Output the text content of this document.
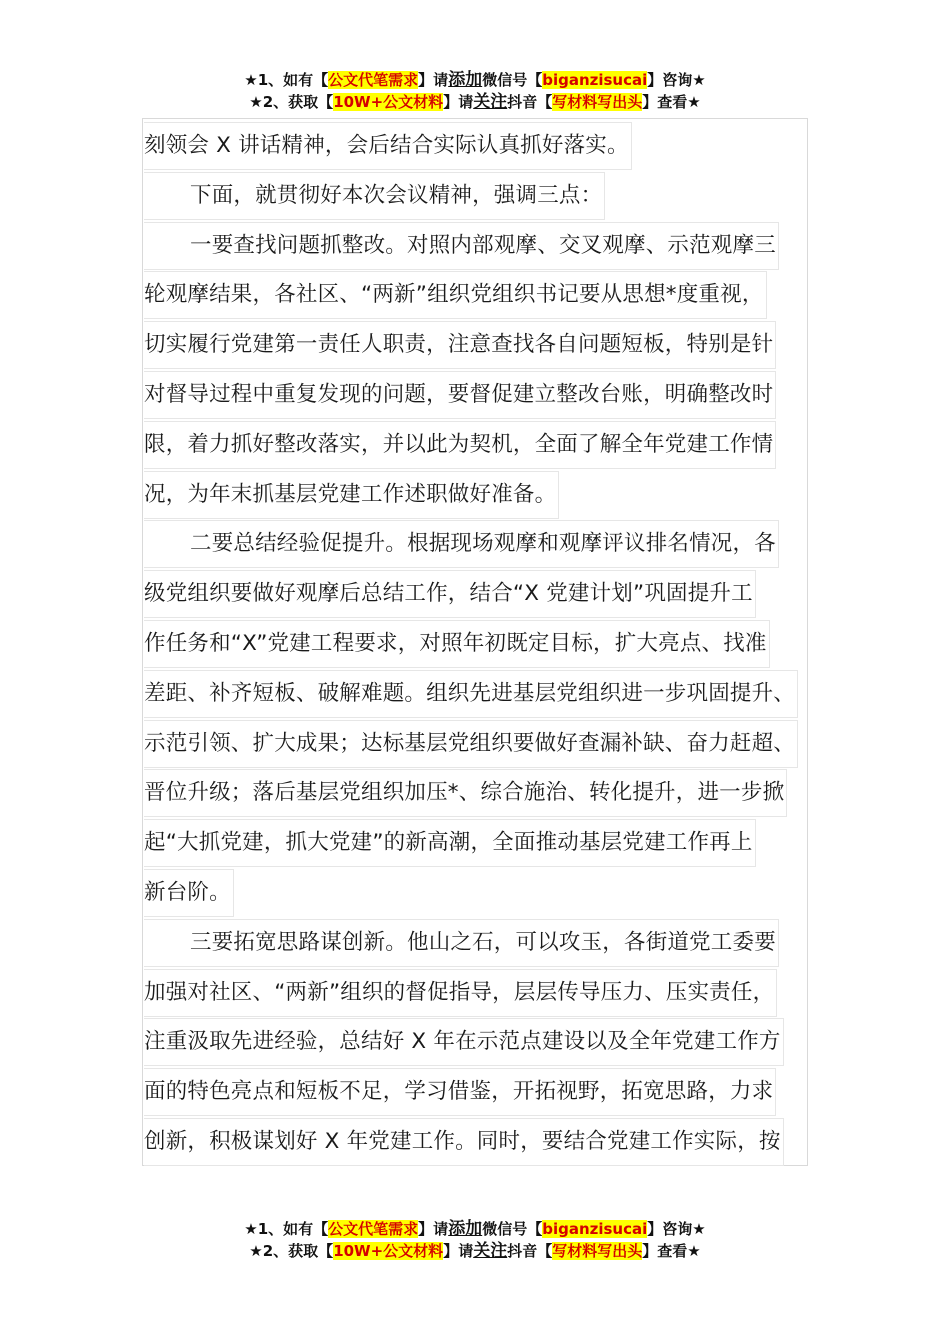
★1、如有【公文代笔需求】请添加微信号【biganzisucai】咨询★
★2、获取【10W+公文材料】请关注抖音【写材料写出头】查看★
刻领会 X 讲话精神，会后结合实际认真抓好落实。
下面，就贯彻好本次会议精神，强调三点：
一要查找问题抓整改。对照内部观摩、交叉观摩、示范观摩三
轮观摩结果，各社区、“两新”组织党组织书记要从思想*度重视，
切实履行党建第一责任人职责，注意查找各自问题短板，特别是针
对督导过程中重复发现的问题，要督促建立整改台账，明确整改时
限，着力抓好整改落实，并以此为契机，全面了解全年党建工作情
况，为年末抓基层党建工作述职做好准备。
二要总结经验促提升。根据现场观摩和观摩评议排名情况，各
级党组织要做好观摩后总结工作，结合“X 党建计划”巩固提升工
作任务和“X”党建工程要求，对照年初既定目标，扩大亮点、找准
差距、补齐短板、破解难题。组织先进基层党组织进一步巩固提升、
示范引领、扩大成果；达标基层党组织要做好查漏补缺、奋力赶超、
晋位升级；落后基层党组织加压*、综合施治、转化提升，进一步掀
起“大抓党建，抓大党建”的新高潮，全面推动基层党建工作再上
新台阶。
三要拓宽思路谋创新。他山之石，可以攻玉，各街道党工委要
加强对社区、“两新”组织的督促指导，层层传导压力、压实责任，
注重汲取先进经验，总结好 X 年在示范点建设以及全年党建工作方
面的特色亮点和短板不足，学习借鉴，开拓视野，拓宽思路，力求
创新，积极谋划好 X 年党建工作。同时，要结合党建工作实际，按
★1、如有【公文代笔需求】请添加微信号【biganzisucai】咨询★
★2、获取【10W+公文材料】请关注抖音【写材料写出头】查看★
